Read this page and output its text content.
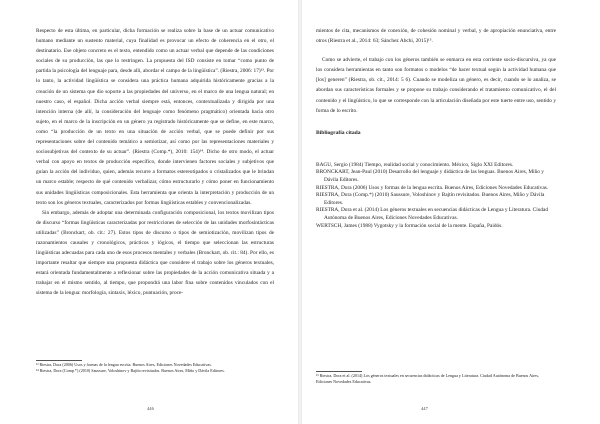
Respecto de esta última, en particular, dicha formación se realiza sobre la base de un actuar comunicativo humano mediante un sustento material, cuya finalidad es provocar un efecto de coherencia en el otro, el destinatario. Ese objeto concreto es el texto, entendido como un actuar verbal que depende de las condiciones sociales de su producción, las que lo restringen. La propuesta del ISD consiste en tomar “como punto de partida la psicología del lenguaje para, desde allí, abordar el campo de la lingüística”. (Riestra, 2006: 17)¹³. Por lo tanto, la actividad lingüística se considera una práctica humana adquirida históricamente gracias a la creación de un sistema que dio soporte a las propiedades del universo, en el marco de una lengua natural; en nuestro caso, el español. Dicha acción verbal siempre está, entonces, contextualizada y dirigida por una intención interna (de allí, la consideración del lenguaje como fenómeno pragmático) orientada hacia otro sujeto, en el marco de la inscripción en un género ya registrado históricamente que se define, en este marco, como “la producción de un texto en una situación de acción verbal, que se puede definir por sus representaciones sobre del contenido temático a semiotizar, así como por las representaciones materiales y sociosubjetivas del contexto de su actuar”. (Riestra (Comp.*), 2010: 154)¹⁴. Dicho de otro modo, el actuar verbal con apoyo en textos de producción específico, donde intervienen factores sociales y subjetivos que guían la acción del individuo, quien, además recurre a formatos estereotipados o cristalizados que le brindan un marco estable; respecto de qué contenido verbalizar, cómo estructurarlo y cómo poner en funcionamiento sus unidades lingüísticas composicionales. Esta herramienta que orienta la interpretación y producción de un texto son los géneros textuales, caracterizados por formas lingüísticas estables y convencionalizadas.

Sin embargo, además de adoptar una determinada configuración composicional, los textos movilizan tipos de discurso “formas lingüísticas caracterizadas por restricciones de selección de las unidades morfosintácticas utilizadas” (Bronckart, ob. cit.: 27). Estos tipos de discurso o tipos de semiotización, movilizan tipos de razonamientos causales y cronológicos, prácticos y lógicos, el tiempo que seleccionan las estructuras lingüísticas adecuadas para cada uno de esos procesos mentales y verbales (Bronckart, ob. cit.: 84). Por ello, es importante resaltar que siempre una propuesta didáctica que considere el trabajo sobre los géneros textuales, estará orientada fundamentalmente a reflexionar sobre las propiedades de la acción comunicativa situada y a trabajar en el mismo sentido, al tiempo, que propondrá una labor fina sobre contenidos vinculados con el sistema de la lengua: morfología, sintaxis, léxico, puntuación, proce-

¹³ Riestra, Dora (2006) Usos y formas de la lengua escrita. Buenos Aires, Ediciones Novedades Educativas.

¹⁴ Riestra, Dora (Comp.*) (2010) Saussure, Voloshinov y Bajtín revisitados. Buenos Aires, Miño y Dávila Editores.

446

mientos de cita, mecanismos de conexión, de cohesión nominal y verbal, y de apropiación enunciativa, entre otros (Riestra et al., 2014: 63; Sánchez Abchi, 2015)¹⁵.

Como se advierte, el trabajo con los géneros también se enmarca en esta corriente socio-discursiva, ya que los considera herramientas en tanto son formatos o modelos “de hacer textual según la actividad humana que [los] generen” (Riestra, ob. cit., 2014: 5 6). Cuando se modeliza un género, es decir, cuando se lo analiza, se abordan sus características formales y se propone su trabajo considerando el tratamiento comunicativo, el del contenido y el lingüístico, lo que se corresponde con la articulación diseñada por este tuerte entre uso, sentido y forma de lo escrito.

Bibliografía citada

BAGU, Sergio (1984) Tiempo, realidad social y conocimiento. México, Siglo XXI Editores.

BRONCKART, Jean-Paul (2010) Desarrollo del lenguaje y didáctica de las lenguas. Buenos Aires, Miño y Dávila Editores.

RIESTRA, Dora (2006) Usos y formas de la lengua escrita. Buenos Aires, Ediciones Novedades Educativas.

RIESTRA, Dora (Comp.*) (2010) Saussure, Voloshinov y Bajtín revisitados. Buenos Aires, Miño y Dávila Editores.

RIESTRA, Dora et al. (2014) Los géneros textuales en secuencias didácticas de Lengua y Literatura. Ciudad Autónoma de Buenos Aires, Ediciones Novedades Educativas.

WERTSCH, James (1988) Vygotsky y la formación social de la mente. España, Paidós.

¹⁵ Riestra, Dora et al. (2014) Los géneros textuales en secuencias didácticas de Lengua y Literatura. Ciudad Autónoma de Buenos Aires, Ediciones Novedades Educativas.

447
